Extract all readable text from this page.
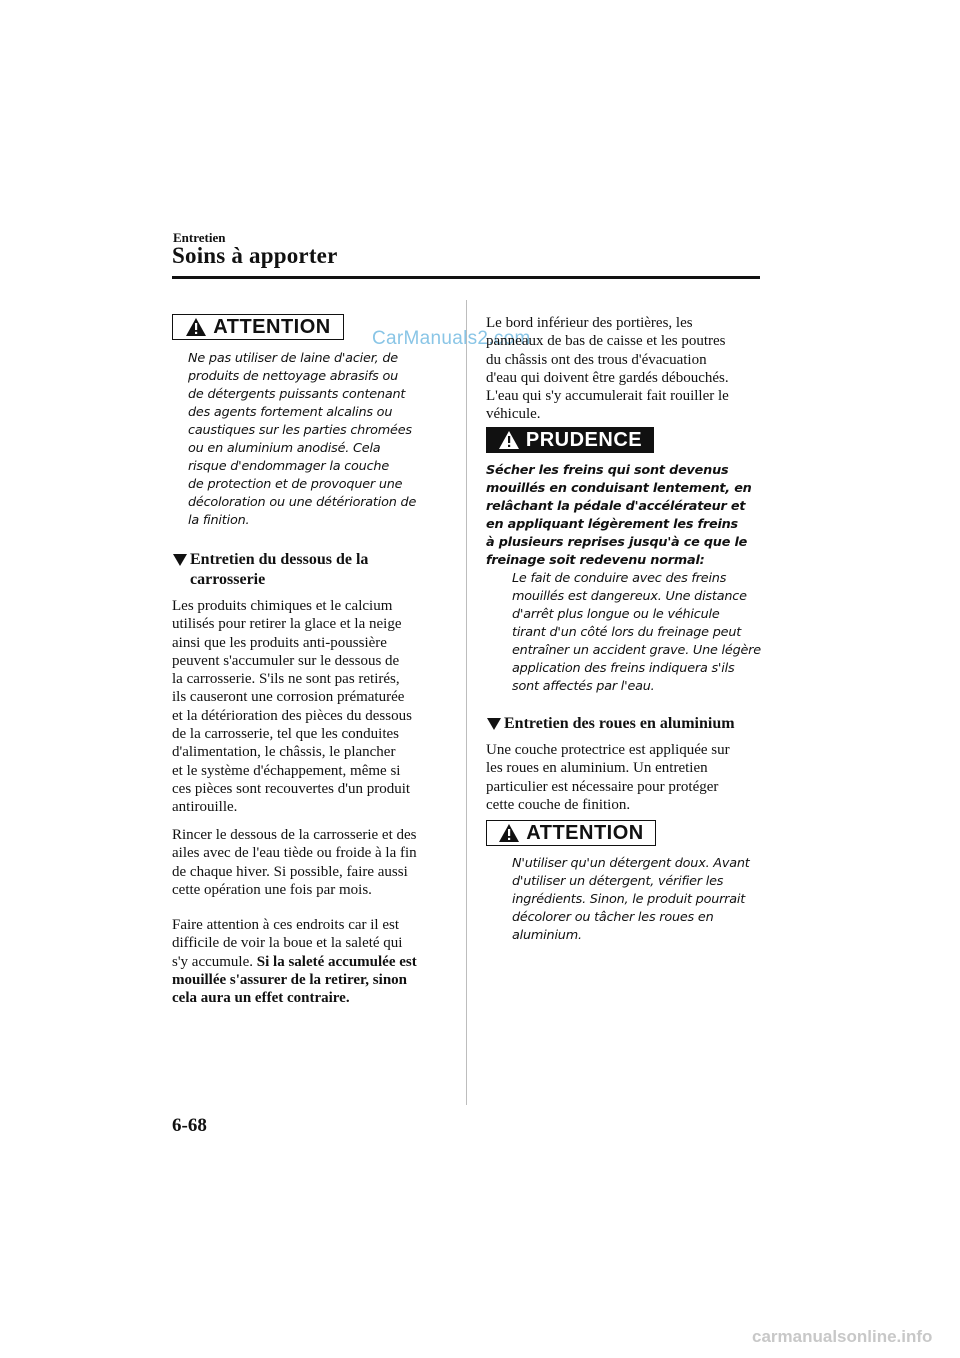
Entretien
Soins à apporter
CarManuals2.com
ATTENTION

Ne pas utiliser de laine d'acier, de
produits de nettoyage abrasifs ou
de détergents puissants contenant
des agents fortement alcalins ou
caustiques sur les parties chromées
ou en aluminium anodisé. Cela
risque d'endommager la couche
de protection et de provoquer une
décoloration ou une détérioration de
la finition.

Entretien du dessous de la
carrosserie

Les produits chimiques et le calcium
utilisés pour retirer la glace et la neige
ainsi que les produits anti-poussière
peuvent s'accumuler sur le dessous de
la carrosserie. S'ils ne sont pas retirés,
ils causeront une corrosion prématurée
et la détérioration des pièces du dessous
de la carrosserie, tel que les conduites
d'alimentation, le châssis, le plancher
et le système d'échappement, même si
ces pièces sont recouvertes d'un produit
antirouille.

Rincer le dessous de la carrosserie et des
ailes avec de l'eau tiède ou froide à la fin
de chaque hiver. Si possible, faire aussi
cette opération une fois par mois.

Faire attention à ces endroits car il est
difficile de voir la boue et la saleté qui
s'y accumule. Si la saleté accumulée est
mouillée s'assurer de la retirer, sinon
cela aura un effet contraire.

Le bord inférieur des portières, les
panneaux de bas de caisse et les poutres
du châssis ont des trous d'évacuation
d'eau qui doivent être gardés débouchés.
L'eau qui s'y accumulerait fait rouiller le
véhicule.

PRUDENCE

Sécher les freins qui sont devenus
mouillés en conduisant lentement, en
relâchant la pédale d'accélérateur et
en appliquant légèrement les freins
à plusieurs reprises jusqu'à ce que le
freinage soit redevenu normal:

Le fait de conduire avec des freins
mouillés est dangereux. Une distance
d'arrêt plus longue ou le véhicule
tirant d'un côté lors du freinage peut
entraîner un accident grave. Une légère
application des freins indiquera s'ils
sont affectés par l'eau.

Entretien des roues en aluminium

Une couche protectrice est appliquée sur
les roues en aluminium. Un entretien
particulier est nécessaire pour protéger
cette couche de finition.

ATTENTION

N'utiliser qu'un détergent doux. Avant
d'utiliser un détergent, vérifier les
ingrédients. Sinon, le produit pourrait
décolorer ou tâcher les roues en
aluminium.

6-68
carmanualsonline.info
